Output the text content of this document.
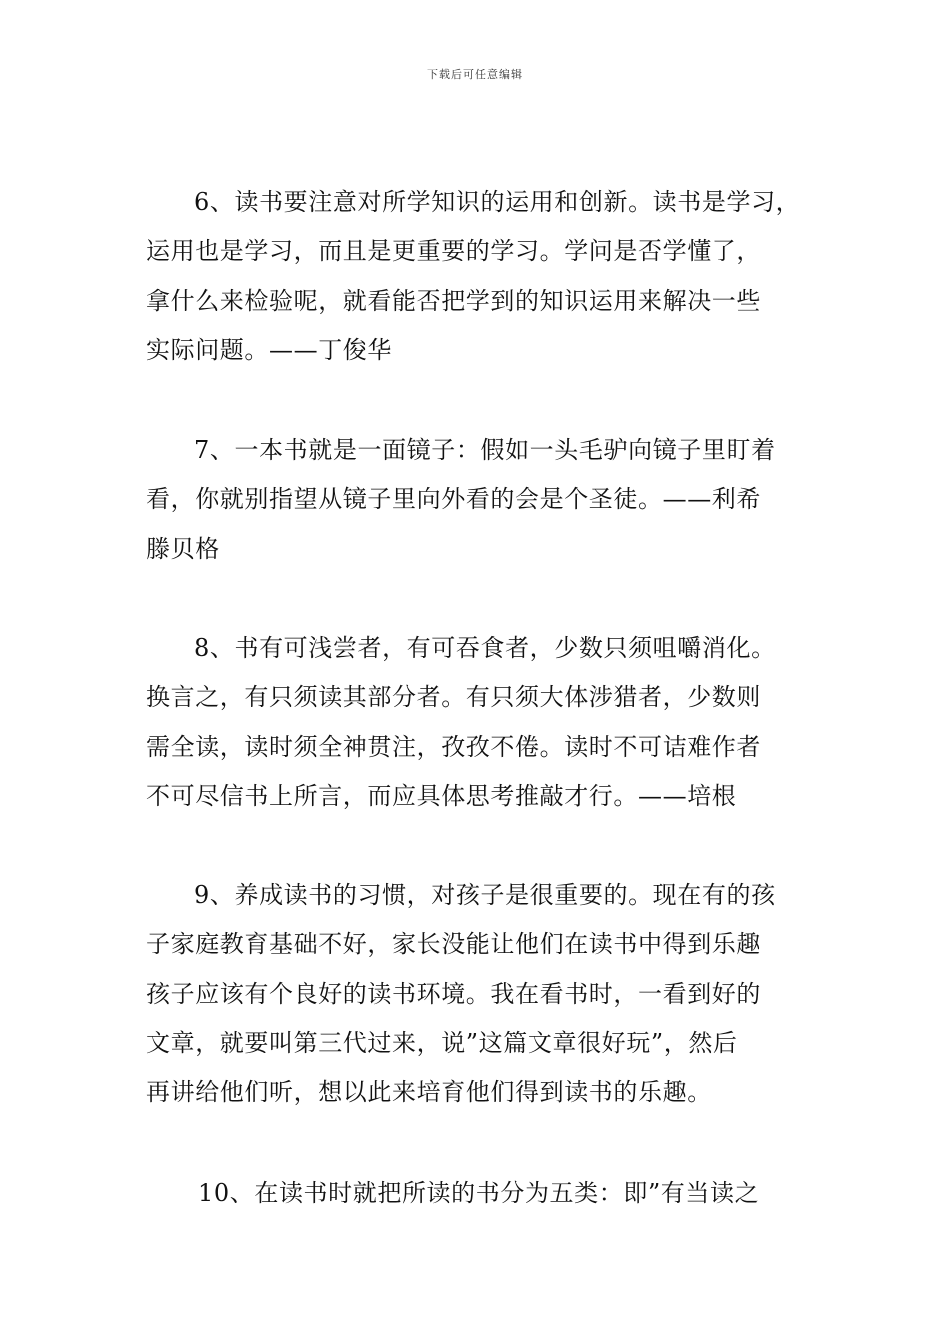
下载后可任意编辑
6、读书要注意对所学知识的运用和创新。读书是学习，
运用也是学习，而且是更重要的学习。学问是否学懂了，
拿什么来检验呢，就看能否把学到的知识运用来解决一些
实际问题。——丁俊华
7、一本书就是一面镜子：假如一头毛驴向镜子里盯着
看，你就别指望从镜子里向外看的会是个圣徒。——利希
滕贝格
8、书有可浅尝者，有可吞食者，少数只须咀嚼消化。
换言之，有只须读其部分者。有只须大体涉猎者，少数则
需全读，读时须全神贯注，孜孜不倦。读时不可诘难作者
不可尽信书上所言，而应具体思考推敲才行。——培根
9、养成读书的习惯，对孩子是很重要的。现在有的孩
子家庭教育基础不好，家长没能让他们在读书中得到乐趣
孩子应该有个良好的读书环境。我在看书时，一看到好的
文章，就要叫第三代过来，说”这篇文章很好玩”，然后
再讲给他们听，想以此来培育他们得到读书的乐趣。
10、在读书时就把所读的书分为五类：即”有当读之
